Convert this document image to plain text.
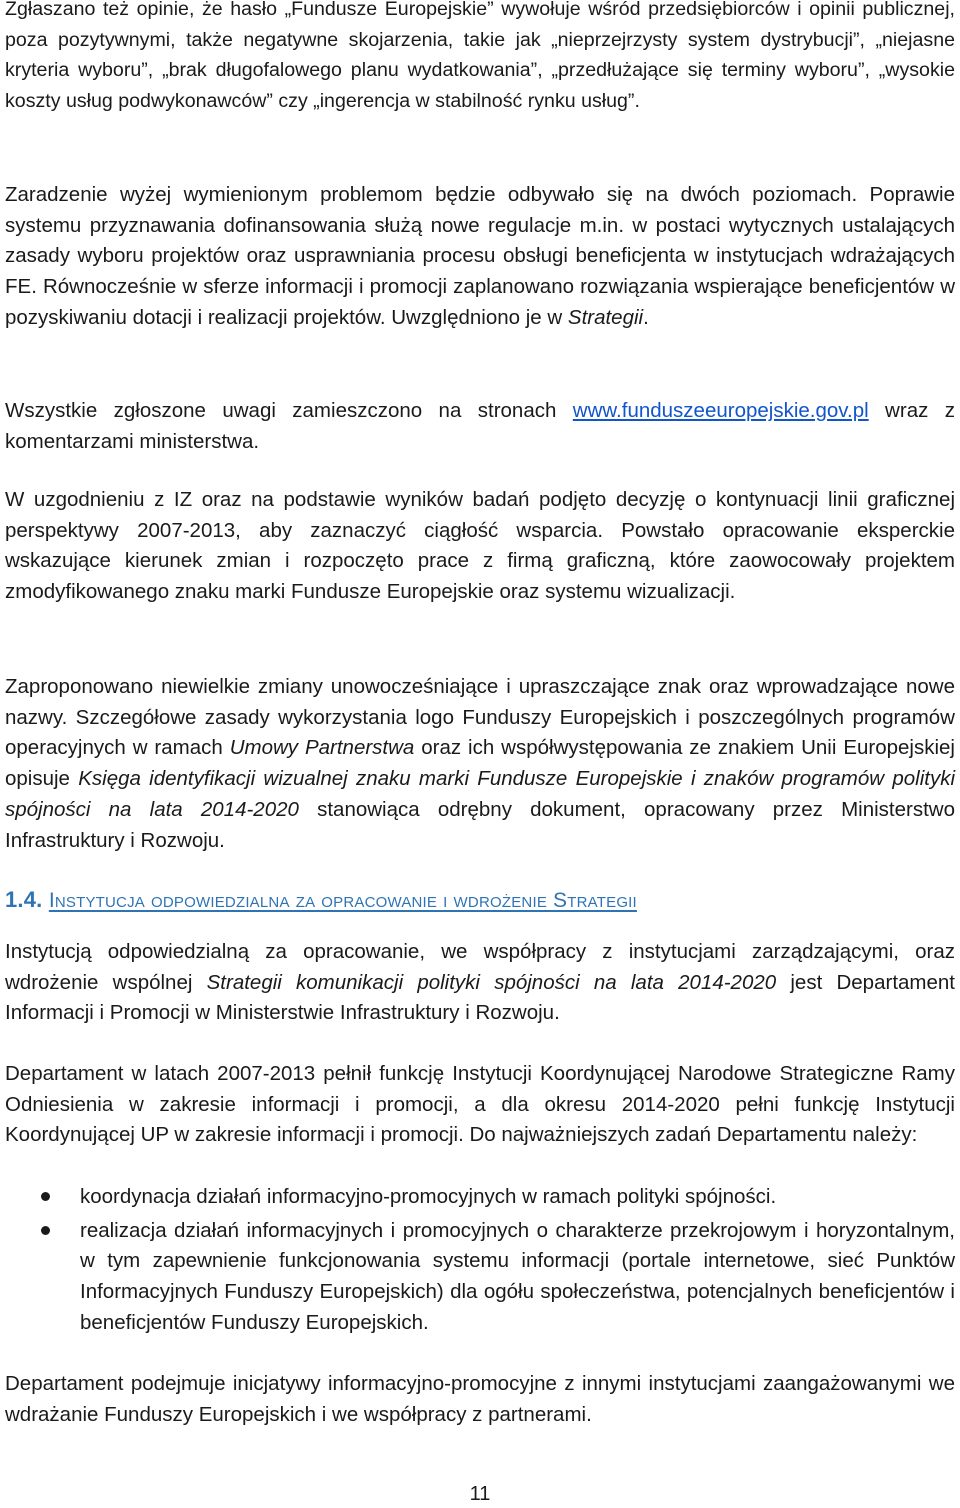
Zgłaszano też opinie, że hasło „Fundusze Europejskie” wywołuje wśród przedsiębiorców i opinii publicznej, poza pozytywnymi, także negatywne skojarzenia, takie jak „nieprzejrzysty system dystrybucji”, „niejasne kryteria wyboru”, „brak długofalowego planu wydatkowania”, „przedłużające się terminy wyboru”, „wysokie koszty usług podwykonawców” czy „ingerencja w stabilność rynku usług”.

Zaradzenie wyżej wymienionym problemom będzie odbywało się na dwóch poziomach. Poprawie systemu przyznawania dofinansowania służą nowe regulacje m.in. w postaci wytycznych ustalających zasady wyboru projektów oraz usprawniania procesu obsługi beneficjenta w instytucjach wdrażających FE. Równocześnie w sferze informacji i promocji zaplanowano rozwiązania wspierające beneficjentów w pozyskiwaniu dotacji i realizacji projektów. Uwzględniono je w Strategii.

Wszystkie zgłoszone uwagi zamieszczono na stronach www.funduszeeuropejskie.gov.pl wraz z komentarzami ministerstwa.

W uzgodnieniu z IZ oraz na podstawie wyników badań podjęto decyzję o kontynuacji linii graficznej perspektywy 2007-2013, aby zaznaczyć ciągłość wsparcia. Powstało opracowanie eksperckie wskazujące kierunek zmian i rozpoczęto prace z firmą graficzną, które zaowocowały projektem zmodyfikowanego znaku marki Fundusze Europejskie oraz systemu wizualizacji.

Zaproponowano niewielkie zmiany unowocześniające i upraszczające znak oraz wprowadzające nowe nazwy. Szczegółowe zasady wykorzystania logo Funduszy Europejskich i poszczególnych programów operacyjnych w ramach Umowy Partnerstwa oraz ich współwystępowania ze znakiem Unii Europejskiej opisuje Księga identyfikacji wizualnej znaku marki Fundusze Europejskie i znaków programów polityki spójności na lata 2014-2020 stanowiąca odrębny dokument, opracowany przez Ministerstwo Infrastruktury i Rozwoju.

1.4. Instytucja odpowiedzialna za opracowanie i wdrożenie Strategii

Instytucją odpowiedzialną za opracowanie, we współpracy z instytucjami zarządzającymi, oraz wdrożenie wspólnej Strategii komunikacji polityki spójności na lata 2014-2020 jest Departament Informacji i Promocji w Ministerstwie Infrastruktury i Rozwoju.

Departament w latach 2007-2013 pełnił funkcję Instytucji Koordynującej Narodowe Strategiczne Ramy Odniesienia w zakresie informacji i promocji, a dla okresu 2014-2020 pełni funkcję Instytucji Koordynującej UP w zakresie informacji i promocji. Do najważniejszych zadań Departamentu należy:

koordynacja działań informacyjno-promocyjnych w ramach polityki spójności.
realizacja działań informacyjnych i promocyjnych o charakterze przekrojowym i horyzontalnym, w tym zapewnienie funkcjonowania systemu informacji (portale internetowe, sieć Punktów Informacyjnych Funduszy Europejskich) dla ogółu społeczeństwa, potencjalnych beneficjentów i beneficjentów Funduszy Europejskich.

Departament podejmuje inicjatywy informacyjno-promocyjne z innymi instytucjami zaangażowanymi we wdrażanie Funduszy Europejskich i we współpracy z partnerami.

11
